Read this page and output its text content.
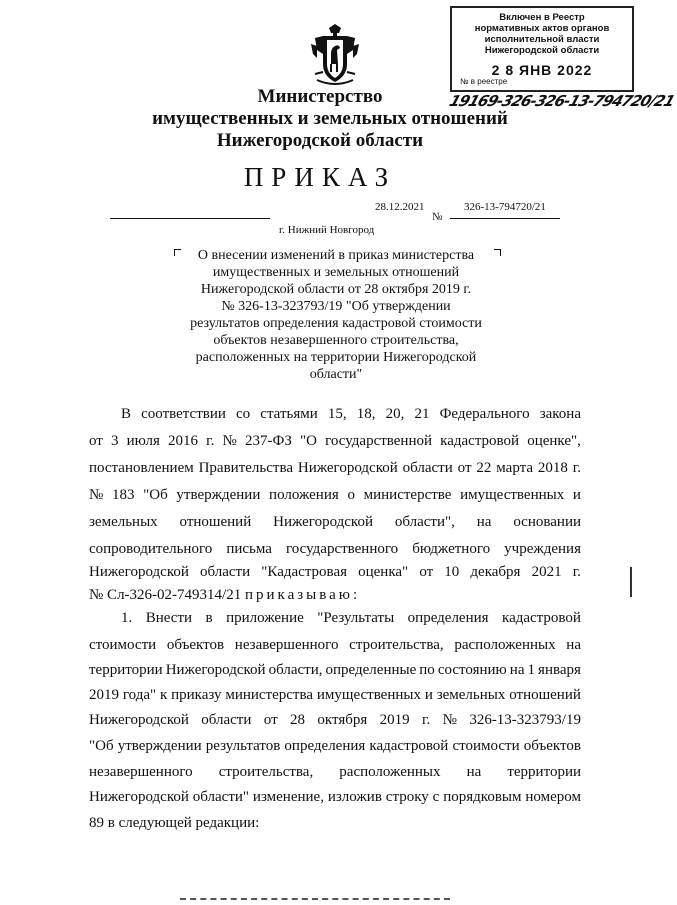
Включен в Реестр
нормативных актов органов
исполнительной власти
Нижегородской области
2 8 ЯНВ 2022
№ в реестре
19169-326-326-13-794720/21
Министерство
имущественных и земельных отношений
Нижегородской области
ПРИКАЗ
28.12.2021
№
326-13-794720/21
г. Нижний Новгород
О внесении изменений в приказ министерства
имущественных и земельных отношений
Нижегородской области от 28 октября 2019 г.
№ 326-13-323793/19 "Об утверждении
результатов определения кадастровой стоимости
объектов незавершенного строительства,
расположенных на территории Нижегородской
области"
В соответствии со статьями 15, 18, 20, 21 Федерального закона
от 3 июля 2016 г. № 237-ФЗ "О государственной кадастровой оценке",
постановлением Правительства Нижегородской области от 22 марта 2018 г.
№ 183 "Об утверждении положения о министерстве имущественных и
земельных отношений Нижегородской области", на основании
сопроводительного письма государственного бюджетного учреждения
Нижегородской области "Кадастровая оценка" от 10 декабря 2021 г.
№ Сл-326-02-749314/21 приказываю:
1. Внести в приложение "Результаты определения кадастровой
стоимости объектов незавершенного строительства, расположенных на
территории Нижегородской области, определенные по состоянию на 1 января
2019 года" к приказу министерства имущественных и земельных отношений
Нижегородской области от 28 октября 2019 г. № 326-13-323793/19
"Об утверждении результатов определения кадастровой стоимости объектов
незавершенного строительства, расположенных на территории
Нижегородской области" изменение, изложив строку с порядковым номером
89 в следующей редакции:
